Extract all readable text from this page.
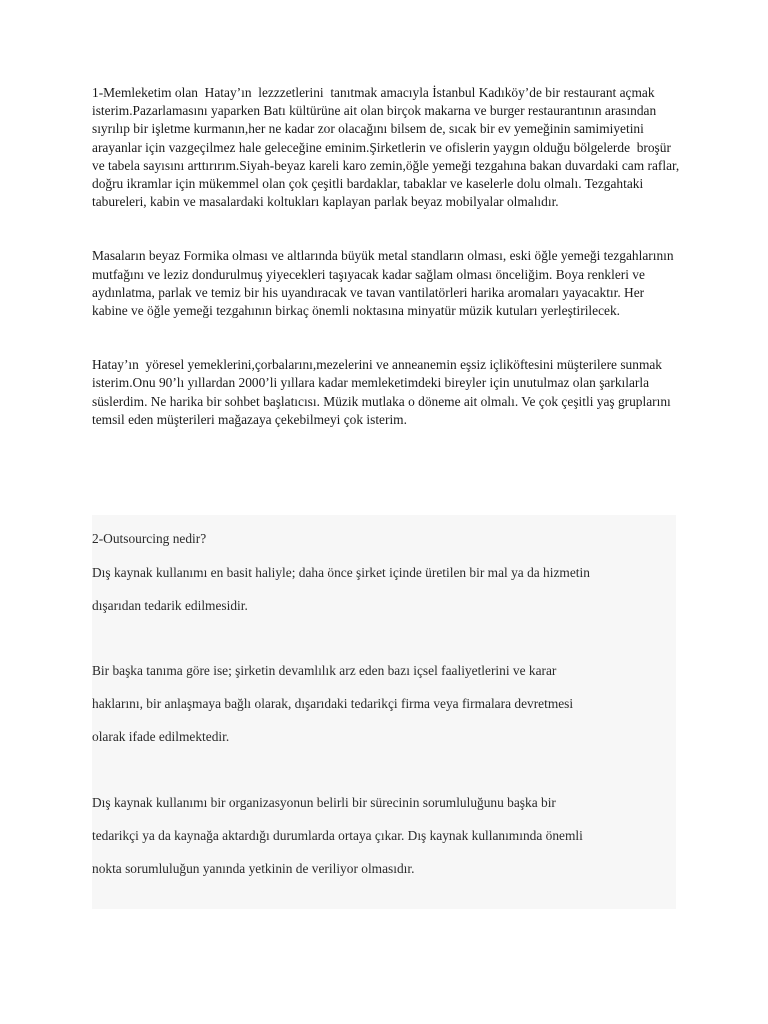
1-Memleketim olan  Hatay’ın  lezzzetlerini  tanıtmak amacıyla İstanbul Kadıköy’de bir restaurant açmak isterim.Pazarlamasını yaparken Batı kültürüne ait olan birçok makarna ve burger restaurantının arasından sıyrılıp bir işletme kurmanın,her ne kadar zor olacağını bilsem de, sıcak bir ev yemeğinin samimiyetini arayanlar için vazgeçilmez hale geleceğine eminim.Şirketlerin ve ofislerin yaygın olduğu bölgelerde  broşür ve tabela sayısını arttırırım.Siyah-beyaz kareli karo zemin,öğle yemeği tezgahına bakan duvardaki cam raflar, doğru ikramlar için mükemmel olan çok çeşitli bardaklar, tabaklar ve kaselerle dolu olmalı. Tezgahtaki tabureleri, kabin ve masalardaki koltukları kaplayan parlak beyaz mobilyalar olmalıdır.

Masaların beyaz Formika olması ve altlarında büyük metal standların olması, eski öğle yemeği tezgahlarının mutfağını ve leziz dondurulmuş yiyecekleri taşıyacak kadar sağlam olması önceliğim. Boya renkleri ve aydınlatma, parlak ve temiz bir his uyandıracak ve tavan vantilatörleri harika aromaları yayacaktır. Her kabine ve öğle yemeği tezgahının birkaç önemli noktasına minyatür müzik kutuları yerleştirilecek.

Hatay’ın  yöresel yemeklerini,çorbalarını,mezelerini ve anneanemin eşsiz içliköftesini müşterilere sunmak isterim.Onu 90’lı yıllardan 2000’li yıllara kadar memleketimdeki bireyler için unutulmaz olan şarkılarla süslerdim. Ne harika bir sohbet başlatıcısı. Müzik mutlaka o döneme ait olmalı. Ve çok çeşitli yaş gruplarını temsil eden müşterileri mağazaya çekebilmeyi çok isterim.

2-Outsourcing nedir?
Dış kaynak kullanımı en basit haliyle; daha önce şirket içinde üretilen bir mal ya da hizmetin
dışarıdan tedarik edilmesidir.
Bir başka tanıma göre ise; şirketin devamlılık arz eden bazı içsel faaliyetlerini ve karar
haklarını, bir anlaşmaya bağlı olarak, dışarıdaki tedarikçi firma veya firmalara devretmesi
olarak ifade edilmektedir.
Dış kaynak kullanımı bir organizasyonun belirli bir sürecinin sorumluluğunu başka bir
tedarikçi ya da kaynağa aktardığı durumlarda ortaya çıkar. Dış kaynak kullanımında önemli
nokta sorumluluğun yanında yetkinin de veriliyor olmasıdır.
